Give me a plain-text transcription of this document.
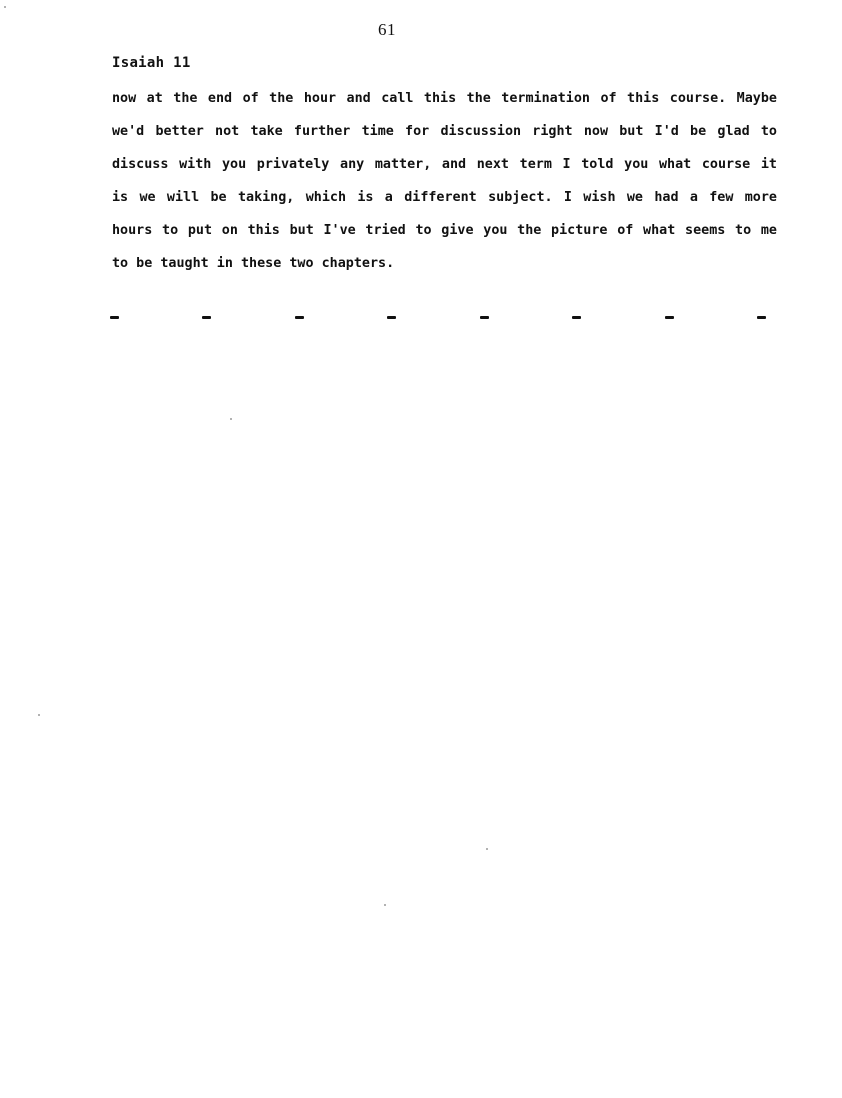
61
Isaiah 11
now at the end of the hour and call this the termination of this course. Maybe
we'd better not take further time for discussion right now but I'd be glad to
discuss with you privately any matter, and next term I told you what course it
is we will be taking, which is a different subject. I wish we had a few more
hours to put on this but I've tried to give you the picture of what seems to me
to be taught in these two chapters.
